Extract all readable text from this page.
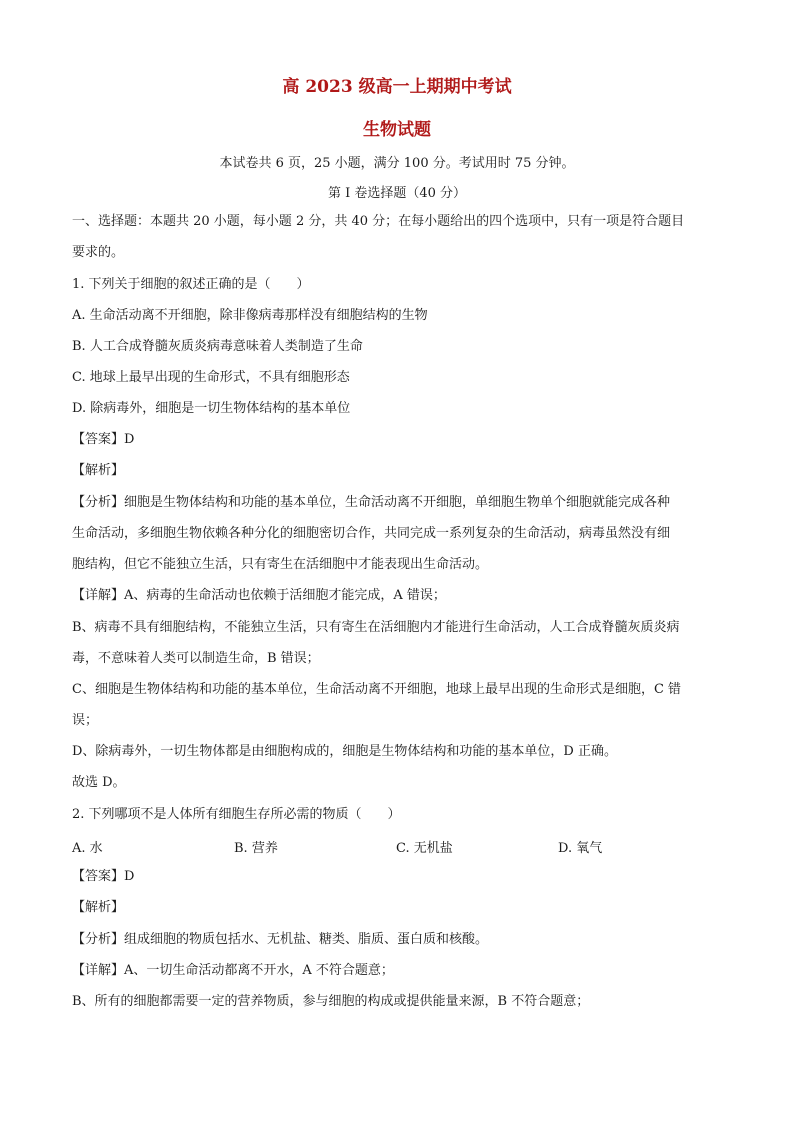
高 2023 级高一上期期中考试
生物试题
本试卷共 6 页，25 小题，满分 100 分。考试用时 75 分钟。
第 I 卷选择题（40 分）
一、选择题：本题共 20 小题，每小题 2 分，共 40 分；在每小题给出的四个选项中，只有一项是符合题目
要求的。
1. 下列关于细胞的叙述正确的是（　　）
A. 生命活动离不开细胞，除非像病毒那样没有细胞结构的生物
B. 人工合成脊髓灰质炎病毒意味着人类制造了生命
C. 地球上最早出现的生命形式，不具有细胞形态
D. 除病毒外，细胞是一切生物体结构的基本单位
【答案】D
【解析】
【分析】细胞是生物体结构和功能的基本单位，生命活动离不开细胞，单细胞生物单个细胞就能完成各种
生命活动，多细胞生物依赖各种分化的细胞密切合作，共同完成一系列复杂的生命活动，病毒虽然没有细
胞结构，但它不能独立生活，只有寄生在活细胞中才能表现出生命活动。
【详解】A、病毒的生命活动也依赖于活细胞才能完成，A 错误；
B、病毒不具有细胞结构，不能独立生活，只有寄生在活细胞内才能进行生命活动，人工合成脊髓灰质炎病
毒，不意味着人类可以制造生命，B 错误；
C、细胞是生物体结构和功能的基本单位，生命活动离不开细胞，地球上最早出现的生命形式是细胞，C 错
误；
D、除病毒外，一切生物体都是由细胞构成的，细胞是生物体结构和功能的基本单位，D 正确。
故选 D。
2. 下列哪项不是人体所有细胞生存所必需的物质（　　）
A. 水	B. 营养	C. 无机盐	D. 氧气
【答案】D
【解析】
【分析】组成细胞的物质包括水、无机盐、糖类、脂质、蛋白质和核酸。
【详解】A、一切生命活动都离不开水，A 不符合题意；
B、所有的细胞都需要一定的营养物质，参与细胞的构成或提供能量来源，B 不符合题意；
